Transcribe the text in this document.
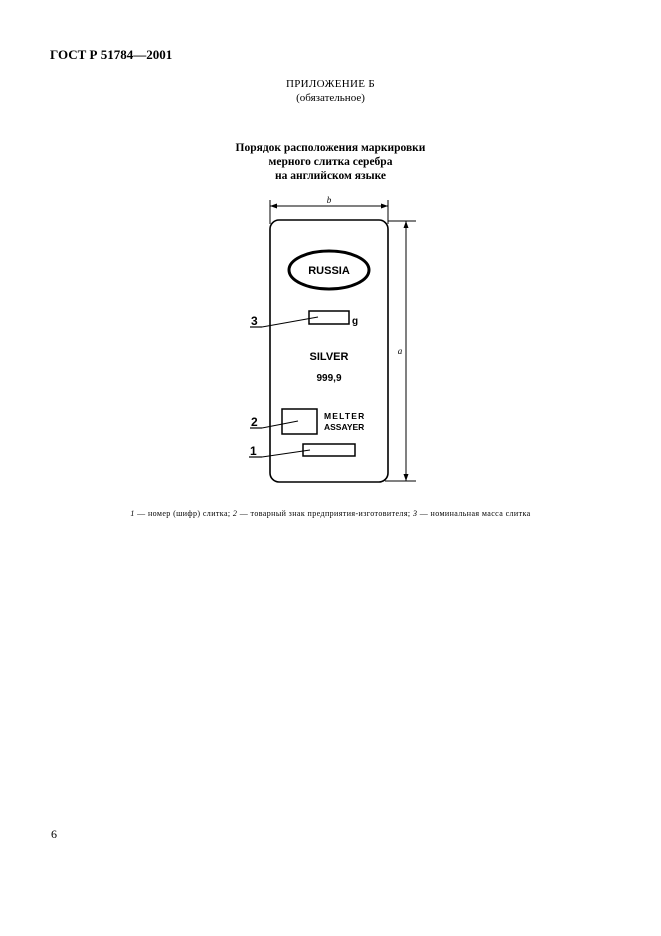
ГОСТ Р 51784—2001
ПРИЛОЖЕНИЕ Б
(обязательное)
Порядок расположения маркировки
мерного слитка серебра
на английском языке
b
a
RUSSIA
g
3
SILVER
999,9
MELTER
ASSAYER
2
1
1 — номер (шифр) слитка; 2 — товарный знак предприятия-изготовителя; 3 — номинальная масса слитка
6
